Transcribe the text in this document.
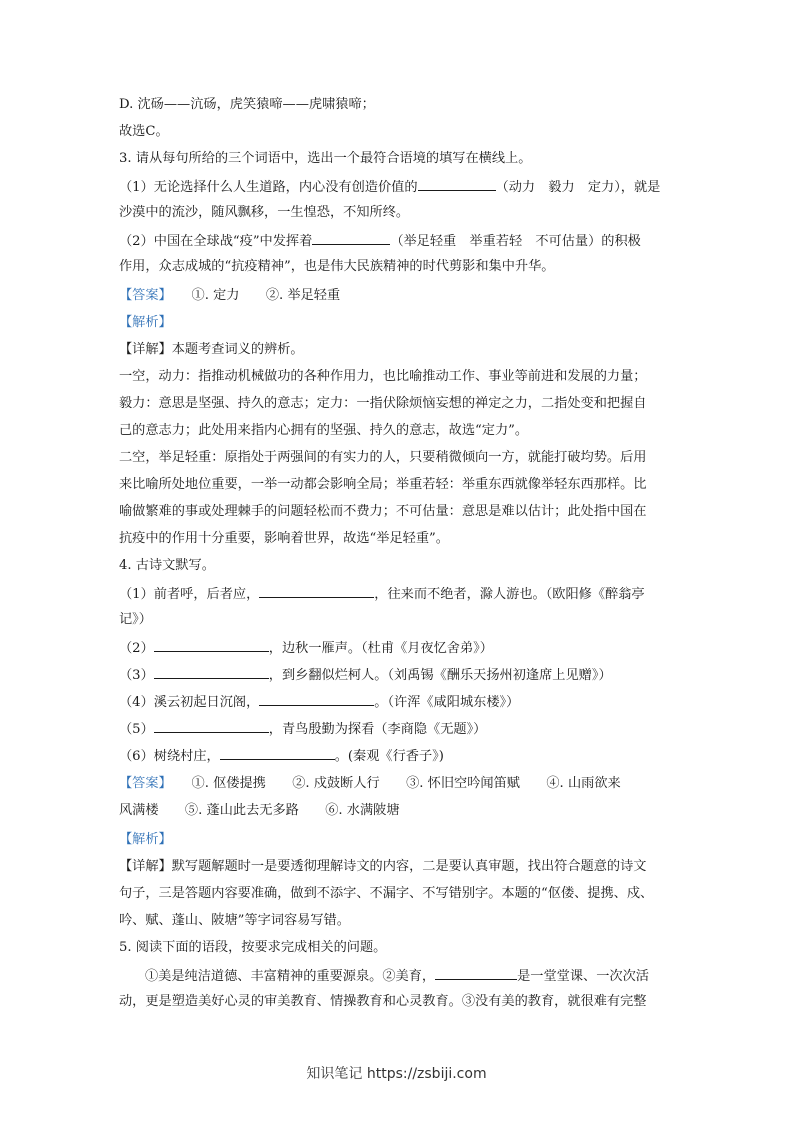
D. 沈砀——沆砀，虎笑猿啼——虎啸猿啼；
故选C。
3. 请从每句所给的三个词语中，选出一个最符合语境的填写在横线上。
（1）无论选择什么人生道路，内心没有创造价值的	（动力　毅力　定力），就是
沙漠中的流沙，随风飘移，一生惶恐，不知所终。
（2）中国在全球战“疫”中发挥着	（举足轻重　举重若轻　不可估量）的积极
作用，众志成城的“抗疫精神”，也是伟大民族精神的时代剪影和集中升华。
【答案】　　①. 定力　　②. 举足轻重
【解析】
【详解】本题考查词义的辨析。
一空，动力：指推动机械做功的各种作用力，也比喻推动工作、事业等前进和发展的力量；
毅力：意思是坚强、持久的意志；定力：一指伏除烦恼妄想的禅定之力，二指处变和把握自
己的意志力；此处用来指内心拥有的坚强、持久的意志，故选“定力”。
二空，举足轻重：原指处于两强间的有实力的人，只要稍微倾向一方，就能打破均势。后用
来比喻所处地位重要，一举一动都会影响全局；举重若轻：举重东西就像举轻东西那样。比
喻做繁难的事或处理棘手的问题轻松而不费力；不可估量：意思是难以估计；此处指中国在
抗疫中的作用十分重要，影响着世界，故选“举足轻重”。
4. 古诗文默写。
（1）前者呼，后者应，	，往来而不绝者，滁人游也。（欧阳修《醉翁亭
记》）
（2）	，边秋一雁声。（杜甫《月夜忆舍弟》）
（3）	，到乡翻似烂柯人。（刘禹锡《酬乐天扬州初逢席上见赠》）
（4）溪云初起日沉阁，	。（许浑《咸阳城东楼》）
（5）	，青鸟殷勤为探看（李商隐《无题》）
（6）树绕村庄，	。(秦观《行香子》)
【答案】　　①. 伛偻提携　　②. 戍鼓断人行　　③. 怀旧空吟闻笛赋　　④. 山雨欲来
风满楼　　⑤. 蓬山此去无多路　　⑥. 水满陂塘
【解析】
【详解】默写题解题时一是要透彻理解诗文的内容，二是要认真审题，找出符合题意的诗文
句子，三是答题内容要准确，做到不添字、不漏字、不写错别字。本题的“伛偻、提携、戍、
吟、赋、蓬山、陂塘”等字词容易写错。
5. 阅读下面的语段，按要求完成相关的问题。
①美是纯洁道德、丰富精神的重要源泉。②美育，	是一堂堂课、一次次活
动，更是塑造美好心灵的审美教育、情操教育和心灵教育。③没有美的教育，就很难有完整
知识笔记 https://zsbiji.com
